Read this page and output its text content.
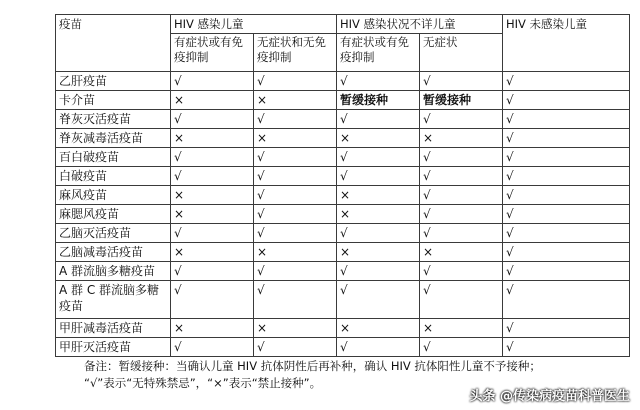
疫苗	HIV 感染儿童		HIV 感染状况不详儿童		HIV 未感染儿童
	有症状或有免疫抑制	无症状和无免疫抑制	有症状或有免疫抑制	无症状	
乙肝疫苗	√	√	√	√	√
卡介苗	×	×	暂缓接种	暂缓接种	√
脊灰灭活疫苗	√	√	√	√	√
脊灰减毒活疫苗	×	×	×	×	√
百白破疫苗	√	√	√	√	√
白破疫苗	√	√	√	√	√
麻风疫苗	×	√	×	√	√
麻腮风疫苗	×	√	×	√	√
乙脑灭活疫苗	√	√	√	√	√
乙脑减毒活疫苗	×	×	×	×	√
A 群流脑多糖疫苗	√	√	√	√	√
A 群 C 群流脑多糖疫苗	√	√	√	√	√
甲肝减毒活疫苗	×	×	×	×	√
甲肝灭活疫苗	√	√	√	√	√
备注：暂缓接种：当确认儿童 HIV 抗体阴性后再补种，确认 HIV 抗体阳性儿童不予接种；
“√”表示“无特殊禁忌”，“×”表示“禁止接种”。
头条 @传染病疫苗科普医生
